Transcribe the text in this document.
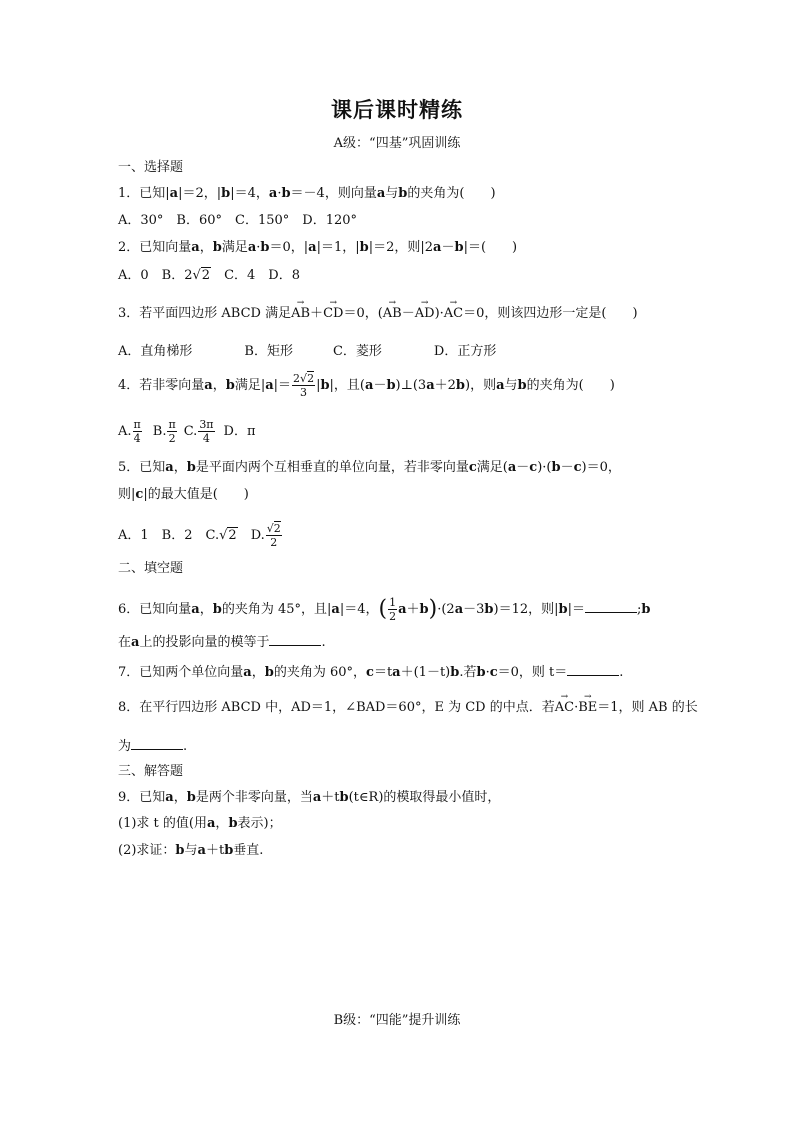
课后课时精练
A级：“四基”巩固训练
一、选择题
1．已知|a|＝2，|b|＝4，a·b＝－4，则向量a与b的夹角为(　　)
A．30°　B．60°　C．150°　D．120°
2．已知向量a，b满足a·b＝0，|a|＝1，|b|＝2，则|2a－b|＝(　　)
A．0　B．2√2　C．4　D．8
3．若平面四边形 ABCD 满足→ AB＋→ CD＝0，(→ AB－→ AD)·→ AC＝0，则该四边形一定是(　　)
A．直角梯形	B．矩形	C．菱形	D．正方形
4．若非零向量a，b满足$|a|= \frac{2√2}{3} |b|$，且(a－b)⊥(3a＋2b)，则a与b的夹角为(　　)
A. $\frac{\pi}{4} B$. $\frac{\pi}{2} C$. $\frac{3\pi}{4}$ D．π
5．已知a，b是平面内两个互相垂直的单位向量，若非零向量c满足(a－c)·(b－c)＝0，
则|c|的最大值是(　　)
A．1　B．2　C.√2　D. $\frac{√2}{2}$
二、填空题
6．已知向量a，b的夹角为 45°，且|a|＝4，( $\frac{1}{2} a+b)\cdot(2a-3b)=12$，则|b|＝	;b
在a上的投影向量的模等于	.
7．已知两个单位向量a，b的夹角为 60°，c＝ta＋(1－t)b.若b·c＝0，则 t＝	.
8．在平行四边形 ABCD 中，AD＝1，∠BAD＝60°，E 为 CD 的中点．若→ AC·→ BE＝1，则 AB 的长
为	.
三、解答题
9．已知a，b是两个非零向量，当a＋tb(t∈R)的模取得最小值时，
(1)求 t 的值(用a，b表示)；
(2)求证：b与a＋tb垂直.
B级：“四能”提升训练
